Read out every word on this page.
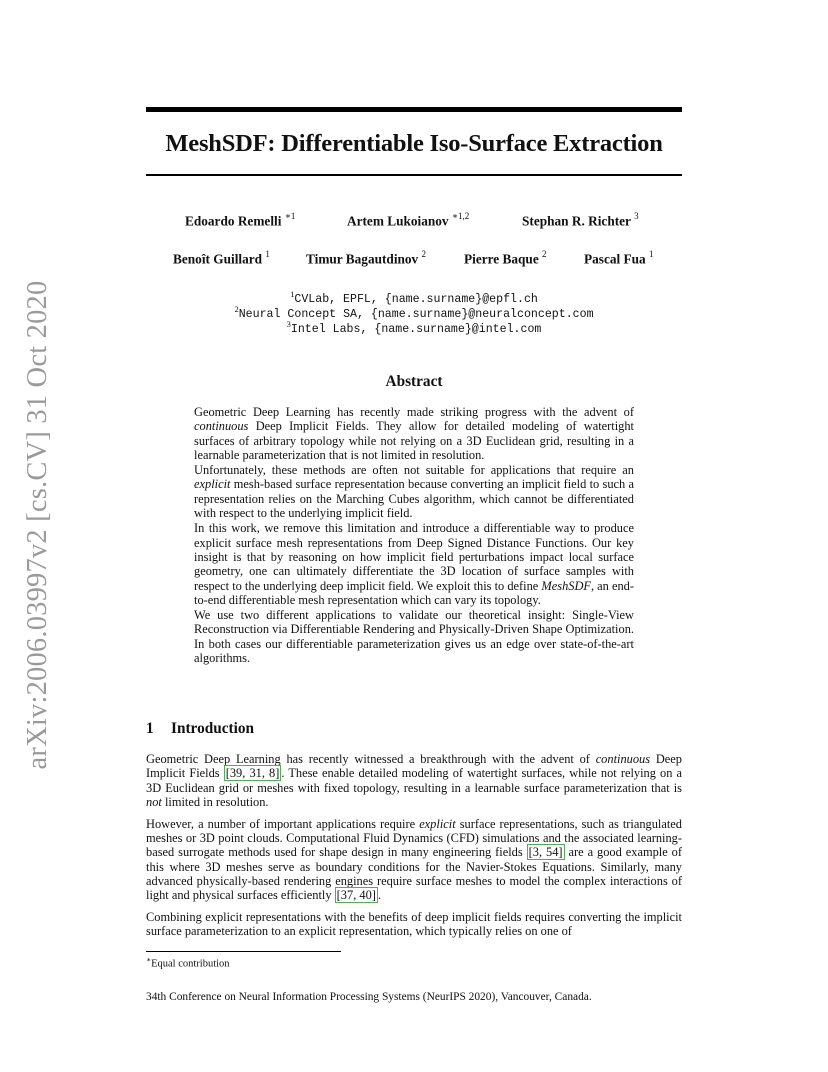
arXiv:2006.03997v2 [cs.CV] 31 Oct 2020
MeshSDF: Differentiable Iso-Surface Extraction
Edoardo Remelli $^{∗1}$	Artem Lukoianov $^{∗1,2}$	Stephan R. Richter $^3$
Benoît Guillard $^1$	Timur Bagautdinov $^2$	Pierre Baque $^2$	Pascal Fua $^1$
$^1$CVLab, EPFL, {name.surname}@epfl.ch
$^2$Neural Concept SA, {name.surname}@neuralconcept.com
$^3$Intel Labs, {name.surname}@intel.com
Abstract

Geometric Deep Learning has recently made striking progress with the advent of continuous Deep Implicit Fields. They allow for detailed modeling of watertight surfaces of arbitrary topology while not relying on a 3D Euclidean grid, resulting in a learnable parameterization that is not limited in resolution.

Unfortunately, these methods are often not suitable for applications that require an explicit mesh-based surface representation because converting an implicit field to such a representation relies on the Marching Cubes algorithm, which cannot be differentiated with respect to the underlying implicit field.

In this work, we remove this limitation and introduce a differentiable way to produce explicit surface mesh representations from Deep Signed Distance Functions. Our key insight is that by reasoning on how implicit field perturbations impact local surface geometry, one can ultimately differentiate the 3D location of surface samples with respect to the underlying deep implicit field. We exploit this to define MeshSDF, an end-to-end differentiable mesh representation which can vary its topology.

We use two different applications to validate our theoretical insight: Single-View Reconstruction via Differentiable Rendering and Physically-Driven Shape Optimization. In both cases our differentiable parameterization gives us an edge over state-of-the-art algorithms.

1 Introduction

Geometric Deep Learning has recently witnessed a breakthrough with the advent of continuous Deep Implicit Fields [39, 31, 8] . These enable detailed modeling of watertight surfaces, while not relying on a 3D Euclidean grid or meshes with fixed topology, resulting in a learnable surface parameterization that is not limited in resolution.

However, a number of important applications require explicit surface representations, such as triangulated meshes or 3D point clouds. Computational Fluid Dynamics (CFD) simulations and the associated learning-based surrogate methods used for shape design in many engineering fields [3, 54] are a good example of this where 3D meshes serve as boundary conditions for the Navier-Stokes Equations. Similarly, many advanced physically-based rendering engines require surface meshes to model the complex interactions of light and physical surfaces efficiently [37, 40] .

Combining explicit representations with the benefits of deep implicit fields requires converting the implicit surface parameterization to an explicit representation, which typically relies on one of

∗Equal contribution
34th Conference on Neural Information Processing Systems (NeurIPS 2020), Vancouver, Canada.
